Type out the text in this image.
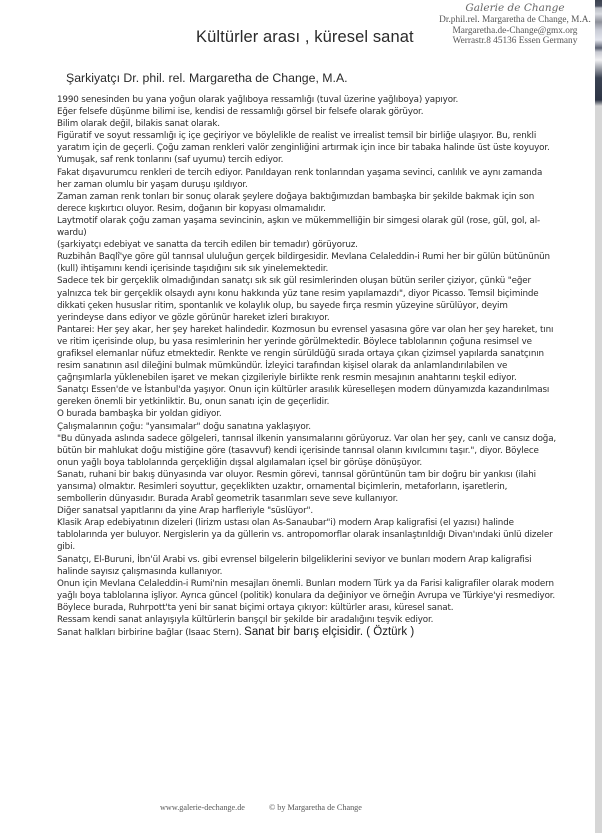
Kültürler arası , küresel sanat
Galerie de Change
Dr.phil.rel. Margaretha de Change, M.A.
Margaretha.de-Change@gmx.org
Werrastr.8 45136 Essen Germany
Şarkiyatçı Dr. phil. rel. Margaretha de Change, M.A.

1990 senesinden bu yana yoğun olarak yağlıboya ressamlığı (tuval üzerine yağlıboya) yapıyor.

Eğer felsefe düşünme bilimi ise, kendisi de ressamlığı görsel bir felsefe olarak görüyor.

Bilim olarak değil, bilakis sanat olarak.

Figüratif ve soyut ressamlığı iç içe geçiriyor ve böylelikle de realist ve irrealist temsil bir birliğe ulaşıyor. Bu, renkli yaratım için de geçerli. Çoğu zaman renkleri valör zenginliğini artırmak için ince bir tabaka halinde üst üste koyuyor.

Yumuşak, saf renk tonlarını (saf uyumu) tercih ediyor.

Fakat dışavurumcu renkleri de tercih ediyor. Panıldayan renk tonlarından yaşama sevinci, canlılık ve aynı zamanda her zaman olumlu bir yaşam duruşu ışıldıyor.

Zaman zaman renk tonları bir sonuç olarak şeylere doğaya baktığımızdan bambaşka bir şekilde bakmak için son derece kışkırtıcı oluyor. Resim, doğanın bir kopyası olmamalıdır.

Laytmotif olarak çoğu zaman yaşama sevincinin, aşkın ve mükemmelliğin bir simgesi olarak gül (rose, gül, gol, al-wardu)

(şarkiyatçı edebiyat ve sanatta da tercih edilen bir temadır) görüyoruz.

Ruzbihân Baqlî'ye göre gül tanrısal ululuğun gerçek bildirgesidir. Mevlana Celaleddin-i Rumi her bir gülün bütününün (kull) ihtişamını kendi içerisinde taşıdığını sık sık yinelemektedir.

Sadece tek bir gerçeklik olmadığından sanatçı sık sık gül resimlerinden oluşan bütün seriler çiziyor, çünkü "eğer yalnızca tek bir gerçeklik olsaydı aynı konu hakkında yüz tane resim yapılamazdı", diyor Picasso. Temsil biçiminde dikkati çeken hususlar ritim, spontanlık ve kolaylık olup, bu sayede fırça resmin yüzeyine sürülüyor, deyim yerindeyse dans ediyor ve gözle görünür hareket izleri bırakıyor.

Pantarei: Her şey akar, her şey hareket halindedir. Kozmosun bu evrensel yasasına göre var olan her şey hareket, tını ve ritim içerisinde olup, bu yasa resimlerinin her yerinde görülmektedir. Böylece tablolarının çoğuna resimsel ve grafiksel elemanlar nüfuz etmektedir. Renkte ve rengin sürüldüğü sırada ortaya çıkan çizimsel yapılarda sanatçının resim sanatının asıl dileğini bulmak mümkündür. İzleyici tarafından kişisel olarak da anlamlandırılabilen ve çağrışımlarla yüklenebilen işaret ve mekan çizgileriyle birlikte renk resmin mesajının anahtarını teşkil ediyor.

Sanatçı Essen'de ve İstanbul'da yaşıyor. Onun için kültürler arasılık küreselleşen modern dünyamızda kazandırılması gereken önemli bir yetkinliktir. Bu, onun sanatı için de geçerlidir.

O burada bambaşka bir yoldan gidiyor.

Çalışmalarının çoğu: "yansımalar" doğu sanatına yaklaşıyor.

"Bu dünyada aslında sadece gölgeleri, tanrısal ilkenin yansımalarını görüyoruz. Var olan her şey, canlı ve cansız doğa, bütün bir mahlukat doğu mistiğine göre (tasavvuf) kendi içerisinde tanrısal olanın kıvılcımını taşır.", diyor. Böylece onun yağlı boya tablolarında gerçekliğin dışsal algılamaları içsel bir görüşe dönüşüyor.

Sanatı, ruhani bir bakış dünyasında var oluyor. Resmin görevi, tanrısal görüntünün tam bir doğru bir yankısı (ilahi yansıma) olmaktır. Resimleri soyuttur, geçeklikten uzaktır, ornamental biçimlerin, metaforların, işaretlerin, sembollerin dünyasıdır. Burada Arabî geometrik tasarımları seve seve kullanıyor.

Diğer sanatsal yapıtlarını da yine Arap harfleriyle "süslüyor".

Klasik Arap edebiyatının dizeleri (lirizm ustası olan As-Sanaubar"i) modern Arap kaligrafisi (el yazısı) halinde tablolarında yer buluyor. Nergislerin ya da güllerin vs. antropomorflar olarak insanlaştırıldığı Divan'ındaki ünlü dizeler gibi.

Sanatçı, El-Buruni, İbn'ül Arabi vs. gibi evrensel bilgelerin bilgeliklerini seviyor ve bunları modern Arap kaligrafisi halinde sayısız çalışmasında kullanıyor.

Onun için Mevlana Celaleddin-i Rumi'nin mesajları önemli. Bunları modern Türk ya da Farisi kaligrafiler olarak modern yağlı boya tablolarına işliyor. Ayrıca güncel (politik) konulara da değiniyor ve örneğin Avrupa ve Türkiye'yi resmediyor.

Böylece burada, Ruhrpott'ta yeni bir sanat biçimi ortaya çıkıyor: kültürler arası, küresel sanat.

Ressam kendi sanat anlayışıyla kültürlerin barışçıl bir şekilde bir aradalığını teşvik ediyor.

Sanat halkları birbirine bağlar (Isaac Stern). Sanat bir barış elçisidir. ( Öztürk )

www.galerie-dechange.de	© by Margaretha de Change
